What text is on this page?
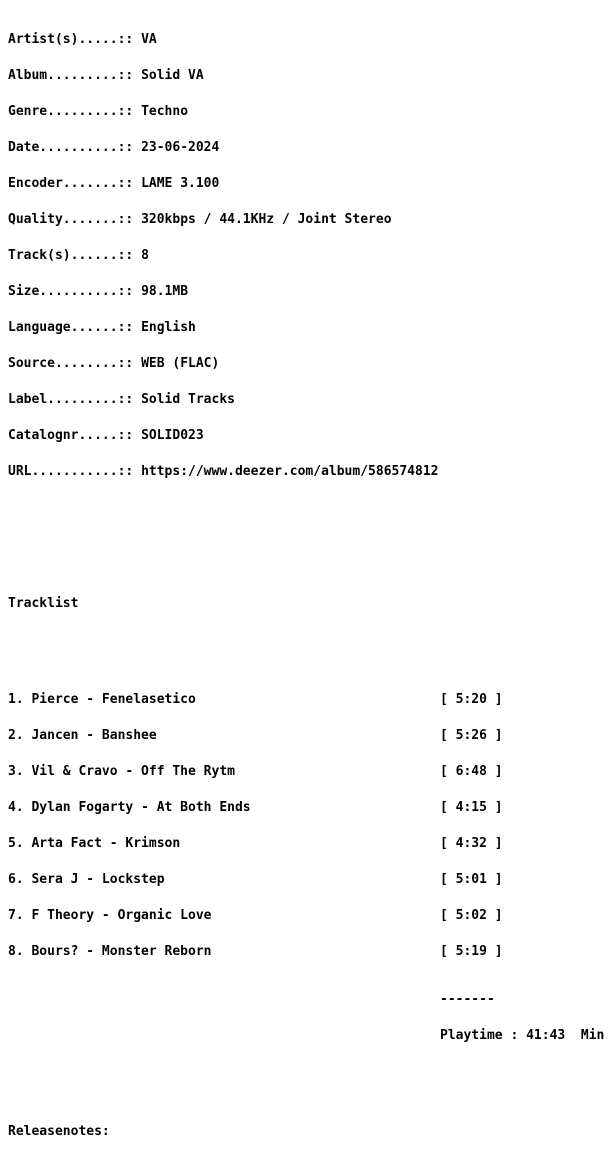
Artist(s).....:: VA

Album.........:: Solid VA

Genre.........:: Techno

Date..........:: 23-06-2024

Encoder.......:: LAME 3.100

Quality.......:: 320kbps / 44.1KHz / Joint Stereo

Track(s)......:: 8

Size..........:: 98.1MB

Language......:: English

Source........:: WEB (FLAC)

Label.........:: Solid Tracks

Catalognr.....:: SOLID023

URL...........:: https://www.deezer.com/album/586574812

Tracklist

1. Pierce - Fenelasetico	[ 5:20 ]

2. Jancen - Banshee	[ 5:26 ]

3. Vil & Cravo - Off The Rytm	[ 6:48 ]

4. Dylan Fogarty - At Both Ends	[ 4:15 ]

5. Arta Fact - Krimson	[ 4:32 ]

6. Sera J - Lockstep	[ 5:01 ]

7. F Theory - Organic Love	[ 5:02 ]

8. Bours? - Monster Reborn	[ 5:19 ]

-------

Playtime : 41:43  Min

Releasenotes:
